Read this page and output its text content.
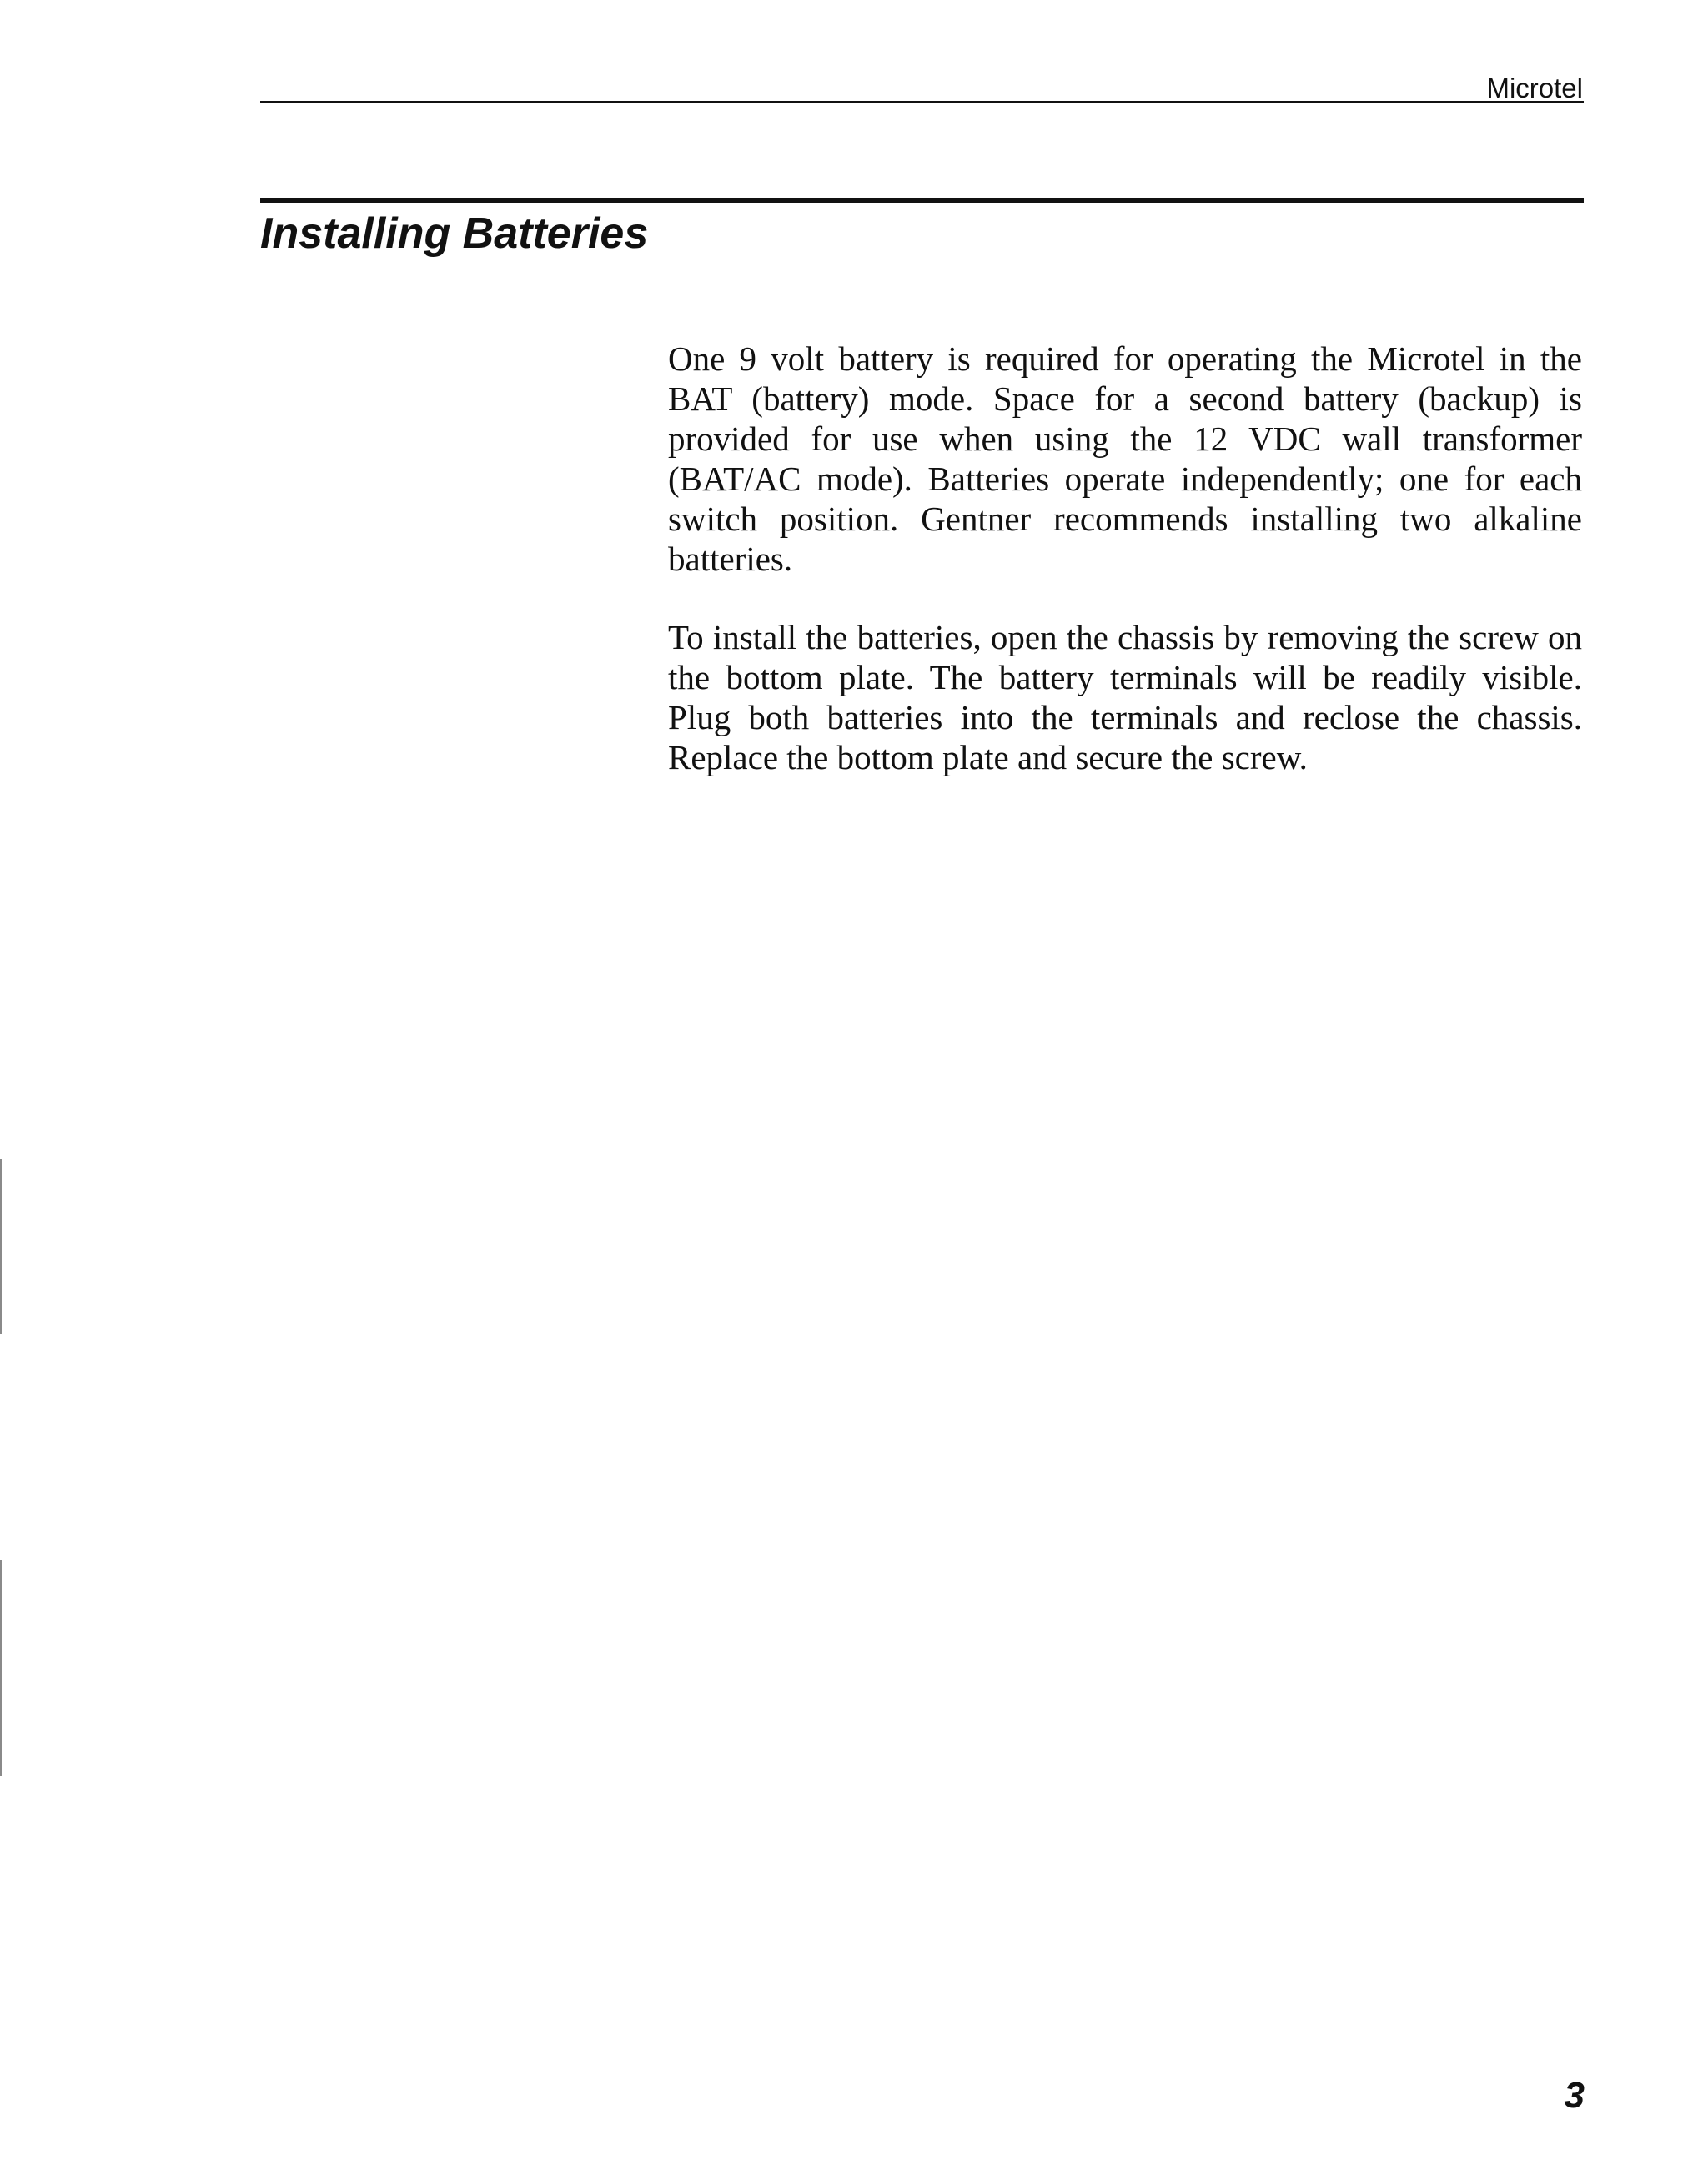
Microtel
Installing Batteries

One 9 volt battery is required for operating the Microtel in the BAT (battery) mode. Space for a second battery (backup) is provided for use when using the 12 VDC wall transformer (BAT/AC mode). Batteries operate independently; one for each switch position. Gentner recommends installing two alkaline batteries.

To install the batteries, open the chassis by removing the screw on the bottom plate. The battery terminals will be readily visible. Plug both batteries into the terminals and reclose the chassis. Replace the bottom plate and secure the screw.

3
